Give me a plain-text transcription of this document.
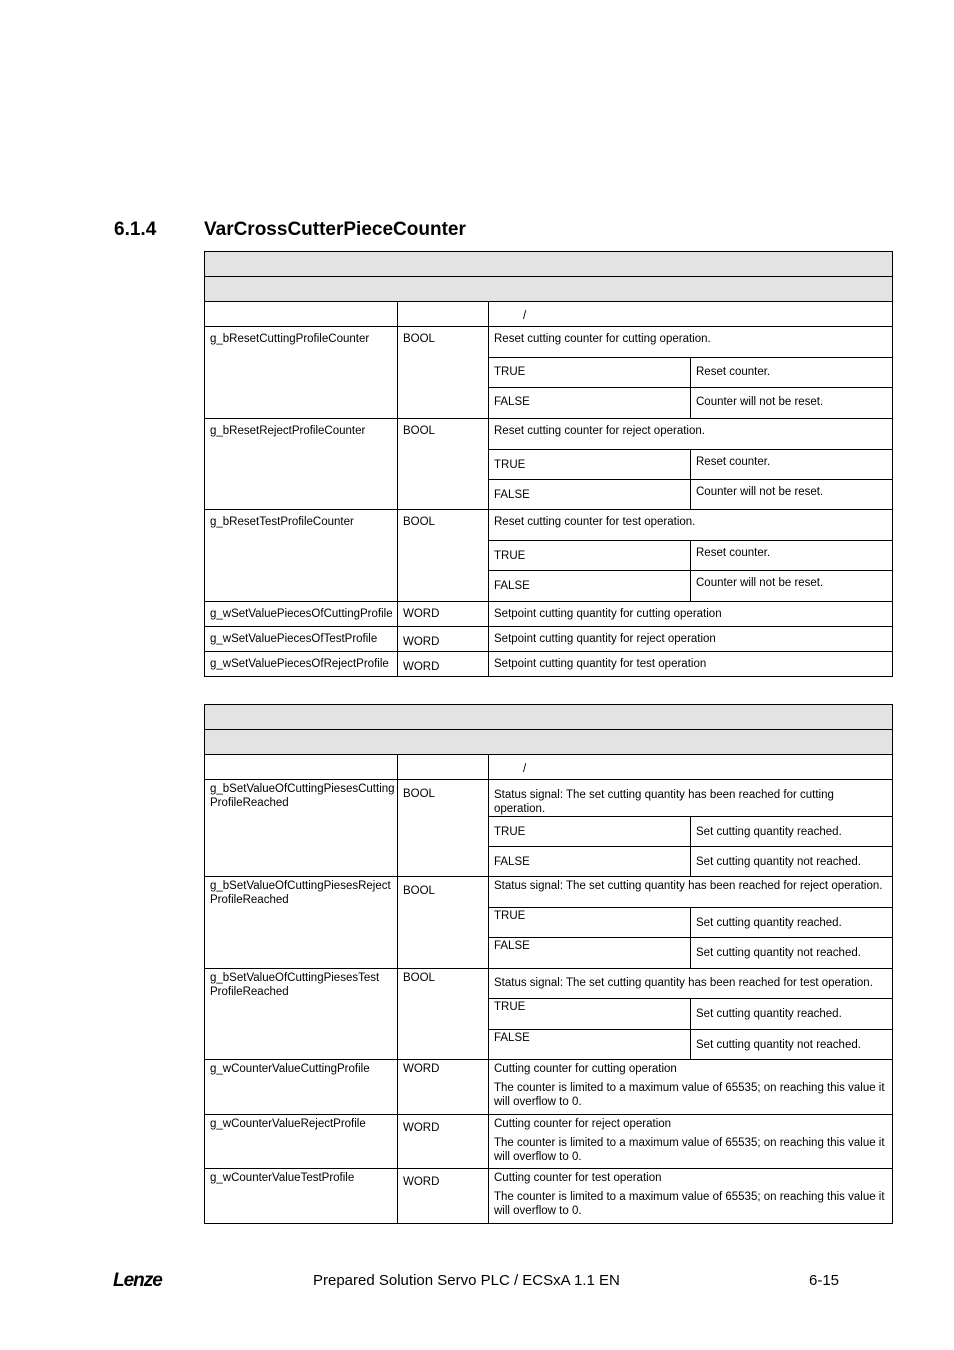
6.1.4	VarCrossCutterPieceCounter

		/	
g_bResetCuttingProfileCounter	BOOL	Reset cutting counter for cutting operation.	
		TRUE	Reset counter.
		FALSE	Counter will not be reset.
g_bResetRejectProfileCounter	BOOL	Reset cutting counter for reject operation.	
		TRUE	Reset counter.
		FALSE	Counter will not be reset.
g_bResetTestProfileCounter	BOOL	Reset cutting counter for test operation.	
		TRUE	Reset counter.
		FALSE	Counter will not be reset.
g_wSetValuePiecesOfCuttingProfile	WORD	Setpoint cutting quantity for cutting operation	
g_wSetValuePiecesOfTestProfile	WORD	Setpoint cutting quantity for reject operation	
g_wSetValuePiecesOfRejectProfile	WORD	Setpoint cutting quantity for test operation	

		/	
g_bSetValueOfCuttingPiesesCutting ProfileReached	BOOL	Status signal: The set cutting quantity has been reached for cutting operation.	
		TRUE	Set cutting quantity reached.
		FALSE	Set cutting quantity not reached.
g_bSetValueOfCuttingPiesesReject ProfileReached	BOOL	Status signal: The set cutting quantity has been reached for reject operation.	
		TRUE	Set cutting quantity reached.
		FALSE	Set cutting quantity not reached.
g_bSetValueOfCuttingPiesesTest ProfileReached	BOOL	Status signal: The set cutting quantity has been reached for test operation.	
		TRUE	Set cutting quantity reached.
		FALSE	Set cutting quantity not reached.
g_wCounterValueCuttingProfile	WORD	Cutting counter for cutting operation

The counter is limited to a maximum value of 65535; on reaching this value it will overflow to 0.	

g_wCounterValueRejectProfile	WORD	Cutting counter for reject operation

The counter is limited to a maximum value of 65535; on reaching this value it will overflow to 0.	

g_wCounterValueTestProfile	WORD	Cutting counter for test operation

The counter is limited to a maximum value of 65535; on reaching this value it will overflow to 0.	

Lenze	Prepared Solution Servo PLC / ECSxA 1.1 EN	6-15
